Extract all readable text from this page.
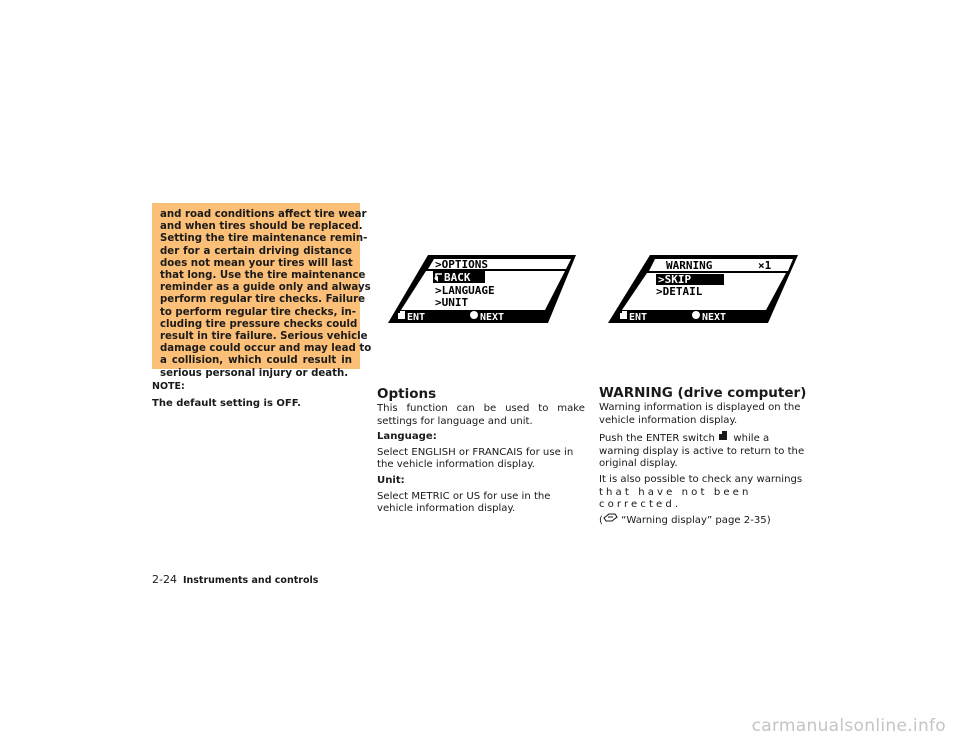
and road conditions affect tire wear
and when tires should be replaced.
Setting the tire maintenance remin-
der for a certain driving distance
does not mean your tires will last
that long. Use the tire maintenance
reminder as a guide only and always
perform regular tire checks. Failure
to perform regular tire checks, in-
cluding tire pressure checks could
result in tire failure. Serious vehicle
damage could occur and may lead to
a collision, which could result in
serious personal injury or death.
NOTE:
The default setting is OFF.
>OPTIONS
BACK
>LANGUAGE
>UNIT
ENT	NEXT
WARNING	×1
>SKIP
>DETAIL
ENT	NEXT
Options

This function can be used to make settings for language and unit.

Language:

Select ENGLISH or FRANCAIS for use in the vehicle information display.

Unit:

Select METRIC or US for use in the vehicle information display.

WARNING (drive computer)

Warning information is displayed on the vehicle information display.

Push the ENTER switch while a warning display is active to return to the original display.

It is also possible to check any warnings
that have not been corrected.
( “Warning display” page 2-35)

2-24 Instruments and controls
carmanualsonline.info
